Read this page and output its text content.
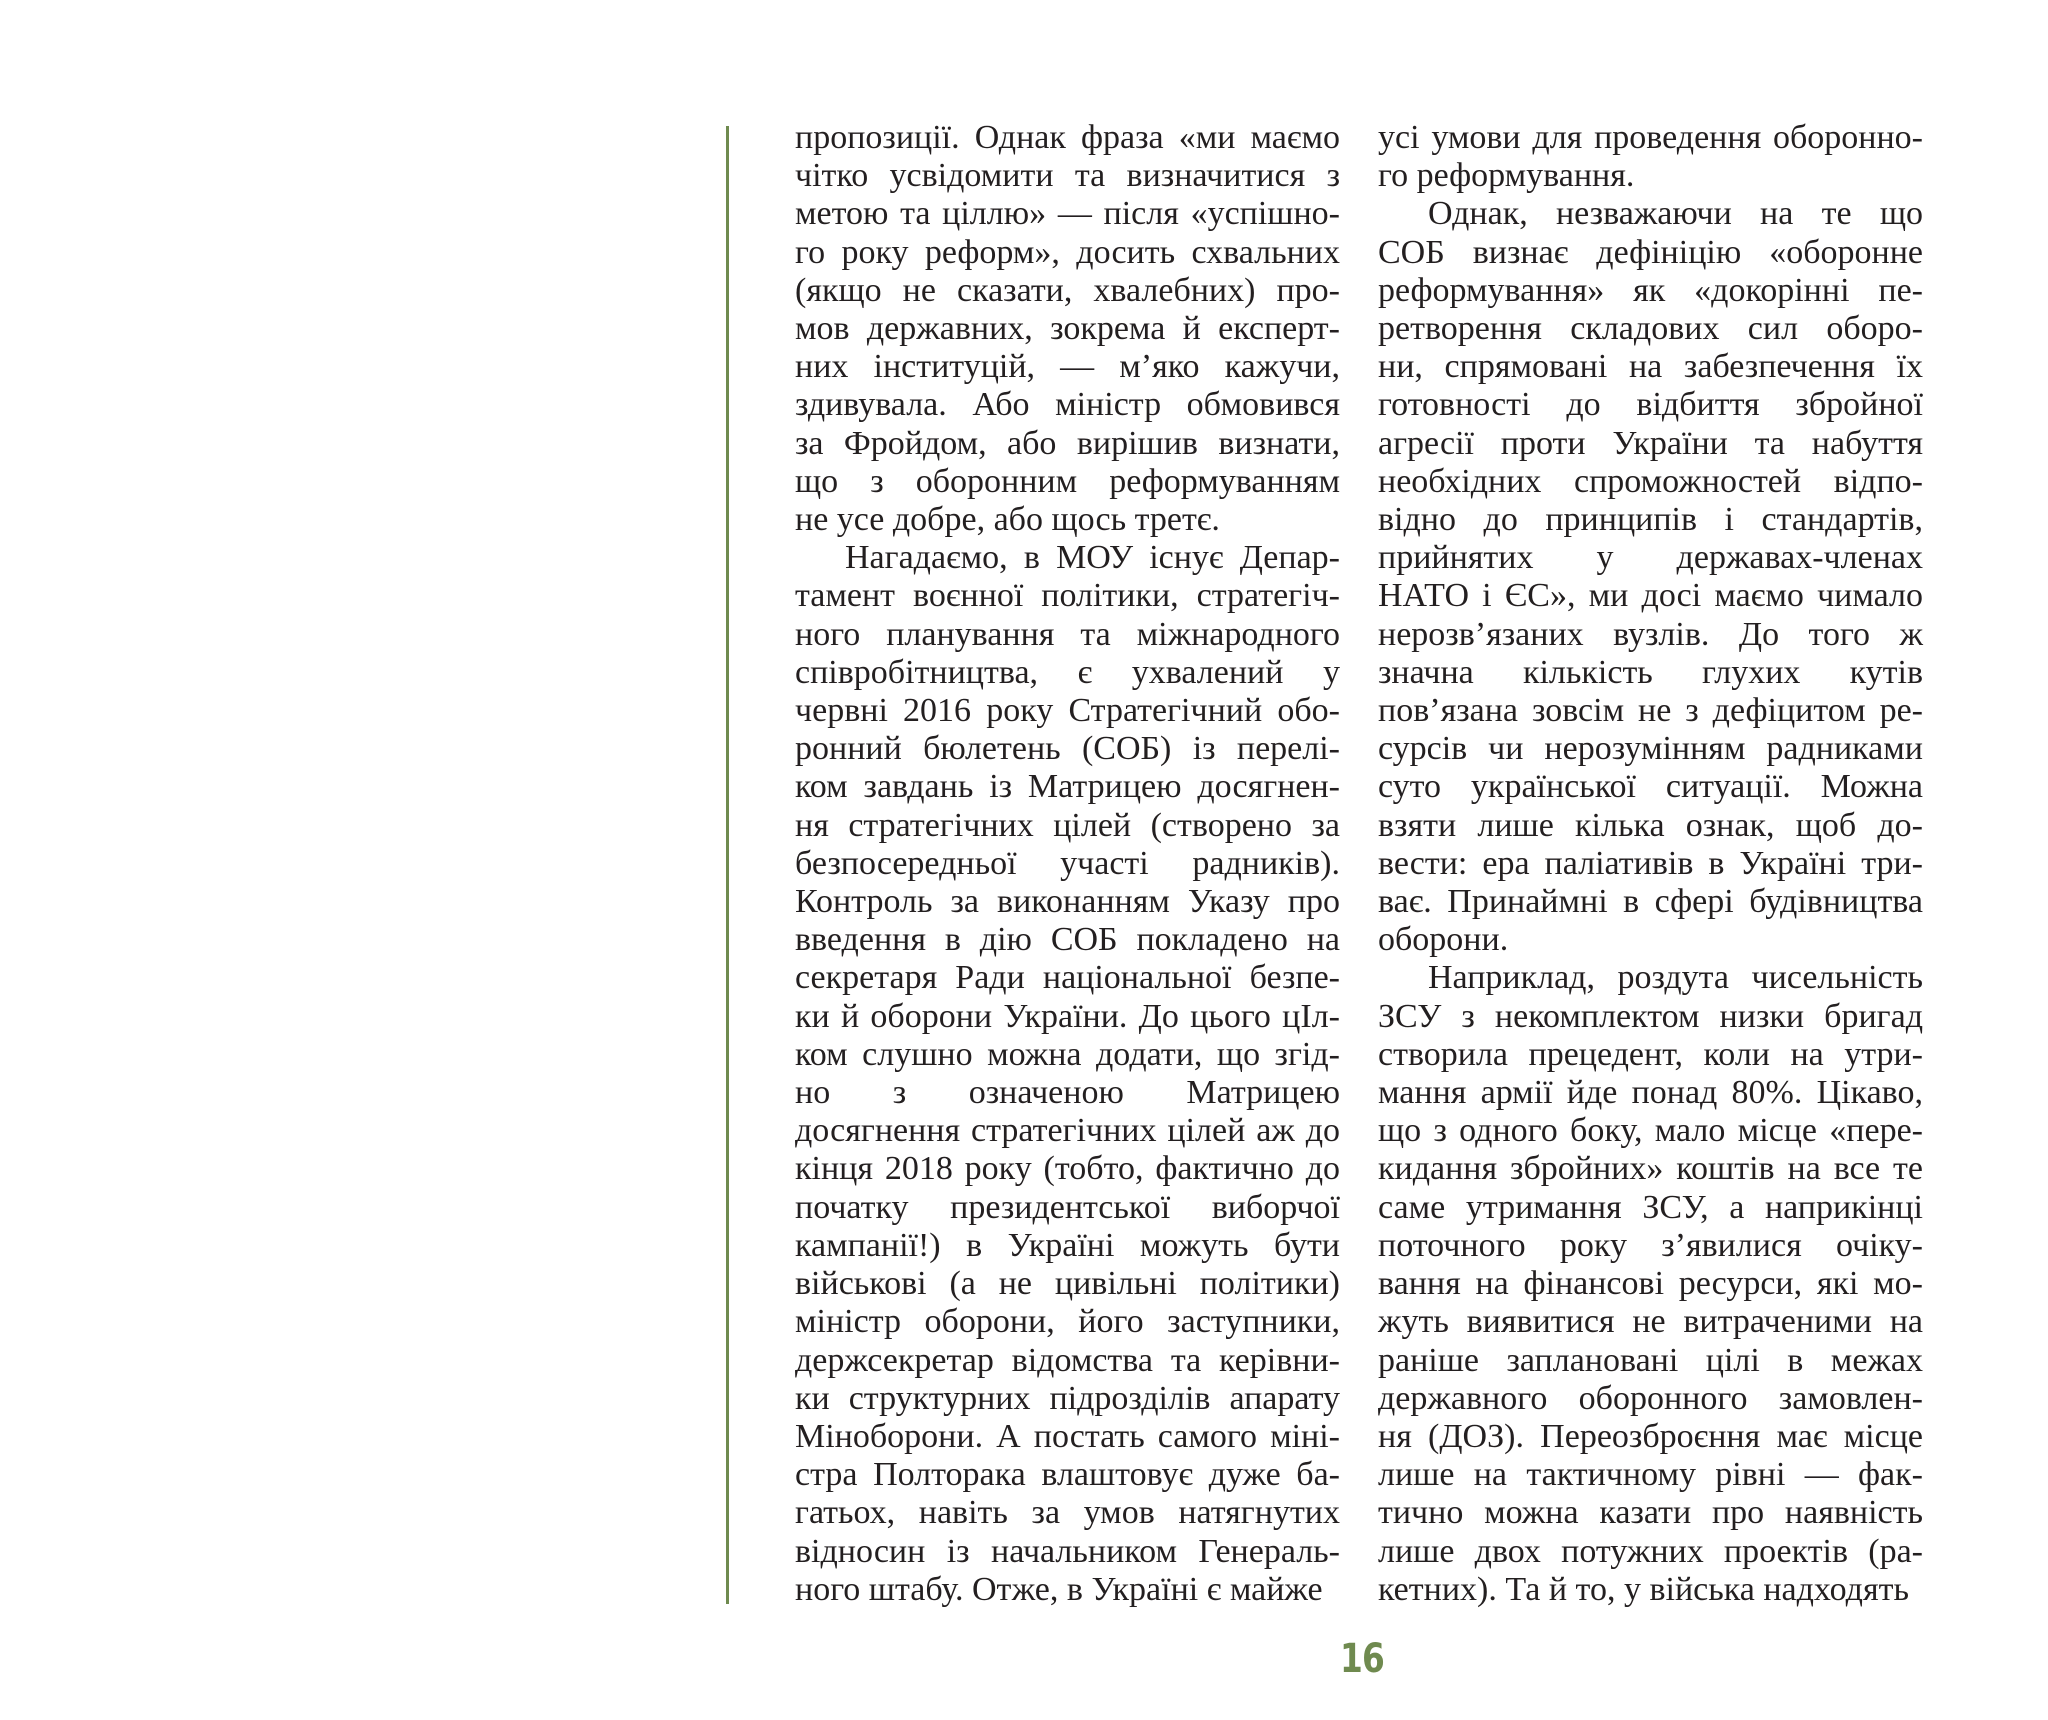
пропозиції. Однак фраза «ми маємо
чітко усвідомити та визначитися з
метою та ціллю» — після «успішно-
го року реформ», досить схвальних
(якщо не сказати, хвалебних) про-
мов державних, зокрема й експерт-
них інституцій, — м’яко кажучи,
здивувала. Або міністр обмовився
за Фройдом, або вирішив визнати,
що з оборонним реформуванням
не усе добре, або щось третє.

Нагадаємо, в МОУ існує Депар-
тамент воєнної політики, стратегіч-
ного планування та міжнародного
співробітництва, є ухвалений у
червні 2016 року Стратегічний обо-
ронний бюлетень (СОБ) із перелі-
ком завдань із Матрицею досягнен-
ня стратегічних цілей (створено за
безпосередньої участі радників).
Контроль за виконанням Указу про
введення в дію СОБ покладено на
секретаря Ради національної безпе-
ки й оборони України. До цього цІл-
ком слушно можна додати, що згід-
но з означеною Матрицею
досягнення стратегічних цілей аж до
кінця 2018 року (тобто, фактично до
початку президентської виборчої
кампанії!) в Україні можуть бути
військові (а не цивільні політики)
міністр оборони, його заступники,
держсекретар відомства та керівни-
ки структурних підрозділів апарату
Міноборони. А постать самого міні-
стра Полторака влаштовує дуже ба-
гатьох, навіть за умов натягнутих
відносин із начальником Генераль-
ного штабу. Отже, в Україні є майже

усі умови для проведення оборонно-
го реформування.

Однак, незважаючи на те що
СОБ визнає дефініцію «оборонне
реформування» як «докорінні пе-
ретворення складових сил оборо-
ни, спрямовані на забезпечення їх
готовності до відбиття збройної
агресії проти України та набуття
необхідних спроможностей відпо-
відно до принципів і стандартів,
прийнятих у державах-членах
НАТО і ЄС», ми досі маємо чимало
нерозв’язаних вузлів. До того ж
значна кількість глухих кутів
пов’язана зовсім не з дефіцитом ре-
сурсів чи нерозумінням радниками
суто української ситуації. Можна
взяти лише кілька ознак, щоб до-
вести: ера паліативів в Україні три-
ває. Принаймні в сфері будівництва
оборони.

Наприклад, роздута чисельність
ЗСУ з некомплектом низки бригад
створила прецедент, коли на утри-
мання армії йде понад 80%. Цікаво,
що з одного боку, мало місце «пере-
кидання збройних» коштів на все те
саме утримання ЗСУ, а наприкінці
поточного року з’явилися очіку-
вання на фінансові ресурси, які мо-
жуть виявитися не витраченими на
раніше заплановані цілі в межах
державного оборонного замовлен-
ня (ДОЗ). Переозброєння має місце
лише на тактичному рівні — фак-
тично можна казати про наявність
лише двох потужних проектів (ра-
кетних). Та й то, у війська надходять

16
